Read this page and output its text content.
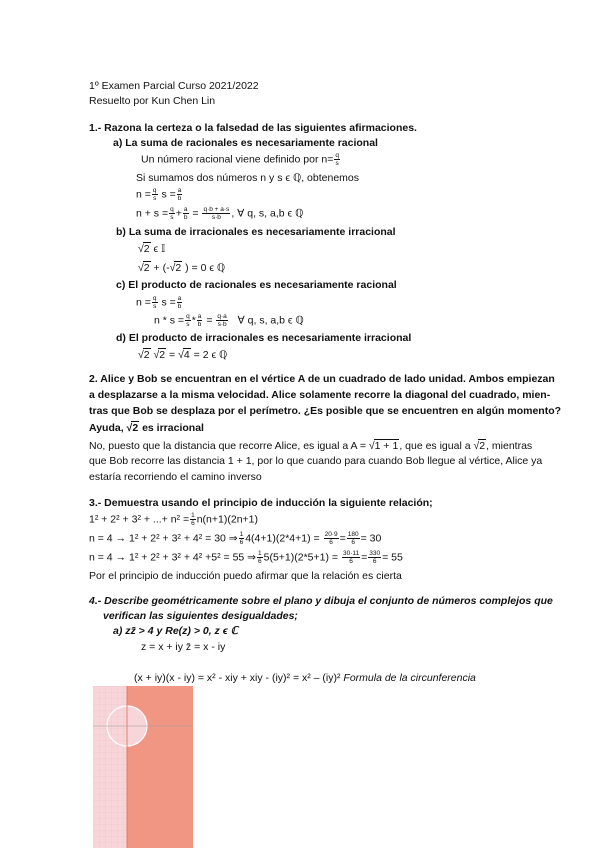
1º Examen Parcial Curso 2021/2022
Resuelto por Kun Chen Lin
1.- Razona la certeza o la falsedad de las siguientes afirmaciones.
a) La suma de racionales es necesariamente racional
Un número racional viene definido por $n= \frac{q}{s}$
Si sumamos dos números n y s ϵ ℚ, obtenemos
$n = \frac{q}{s}$ $s = \frac{a}{b}$
$n + s = \frac{q}{s} + \frac{a}{b} = \frac{q\cdot b + a\cdot s}{s\cdot b}$ , ∀ q, s, a,b ϵ ℚ
b) La suma de irracionales es necesariamente irracional
√2 ϵ 𝕀
√2 + (-√2 ) = 0 ϵ ℚ
c) El producto de racionales es necesariamente racional
$n = \frac{q}{s}$ $s = \frac{a}{b}$
$n * s = \frac{q}{s} * \frac{a}{b} = \frac{q\cdot a}{s\cdot b}$ ∀ q, s, a,b ϵ ℚ
d) El producto de irracionales es necesariamente irracional
√2 √2 = √4 = 2 ϵ ℚ
2. Alice y Bob se encuentran en el vértice A de un cuadrado de lado unidad. Ambos empiezan
a desplazarse a la misma velocidad. Alice solamente recorre la diagonal del cuadrado, mien-
tras que Bob se desplaza por el perímetro. ¿Es posible que se encuentren en algún momento?
Ayuda, √2 es irracional
No, puesto que la distancia que recorre Alice, es igual a A = √1 + 1, que es igual a √2, mientras
que Bob recorre las distancia 1 + 1, por lo que cuando para cuando Bob llegue al vértice, Alice ya
estaría recorriendo el camino inverso
3.- Demuestra usando el principio de inducción la siguiente relación;
1² + 2² + 3² + ...+ $n^2 = \frac{1}{6} n(n+1)(2n+1)$
n = 4 → 1² + 2² + 3² + 4² = 30 ⇒ $\frac{1}{6} 4(4+1)(2*4+1) = \frac{20\cdot 9}{6} = \frac{180}{6} = 30$
n = 4 → 1² + 2² + 3² + 4² +5² = 55 ⇒ $\frac{1}{6} 5(5+1)(2*5+1) = \frac{30\cdot 11}{6} = \frac{330}{6} = 55$
Por el principio de inducción puedo afirmar que la relación es cierta
4.- Describe geométricamente sobre el plano y dibuja el conjunto de números complejos que
verifican las siguientes desigualdades;
a) zz̄ > 4 y Re(z) > 0, z ϵ ℂ
z = x + iy z̄ = x - iy
(x + iy)(x - iy) = x² - xiy + xiy - (iy)² = x² – (iy)² Formula de la circunferencia
